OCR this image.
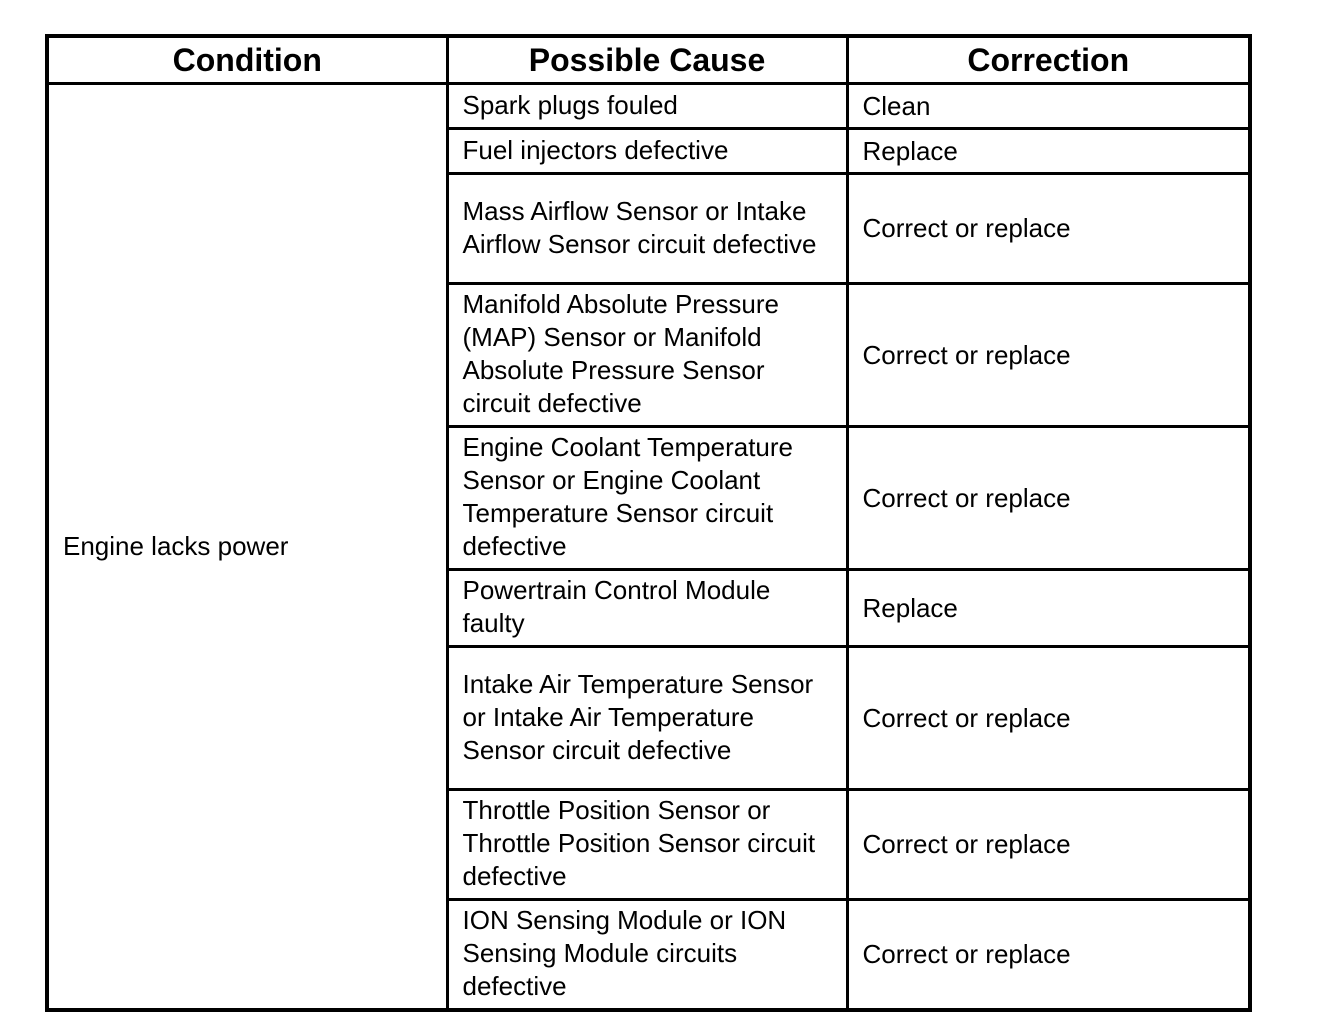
Condition	Possible Cause	Correction
Engine lacks power	Spark plugs fouled	Clean
	Fuel injectors defective	Replace
	Mass Airflow Sensor or Intake Airflow Sensor circuit defective	Correct or replace
	Manifold Absolute Pressure (MAP) Sensor or Manifold Absolute Pressure Sensor circuit defective	Correct or replace
	Engine Coolant Temperature Sensor or Engine Coolant Temperature Sensor circuit defective	Correct or replace
	Powertrain Control Module faulty	Replace
	Intake Air Temperature Sensor or Intake Air Temperature Sensor circuit defective	Correct or replace
	Throttle Position Sensor or Throttle Position Sensor circuit defective	Correct or replace
	ION Sensing Module or ION Sensing Module circuits defective	Correct or replace
